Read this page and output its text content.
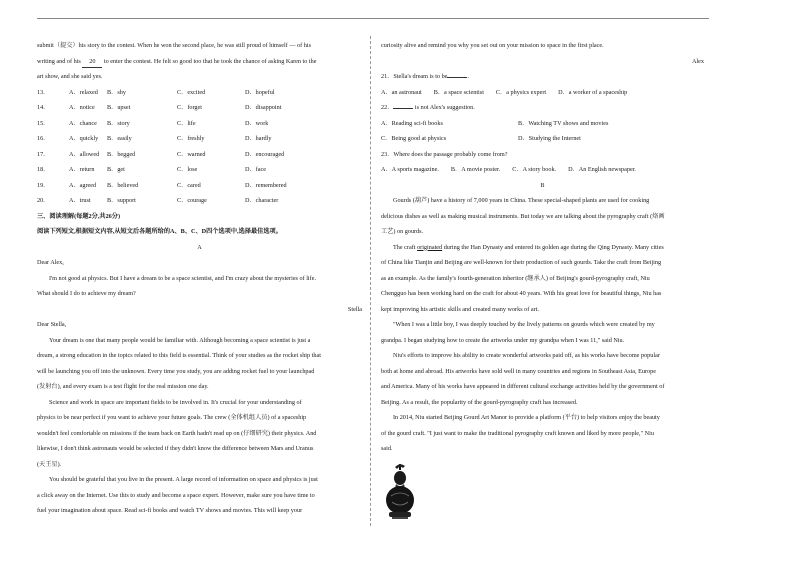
submit（提交）his story to the contest. When he won the second place, he was still proud of himself — of his
writing and of his 20 to enter the contest. He felt so good too that he took the chance of asking Karen to the
art show, and she said yes.
13.	A．relaxed	B．shy	C．excited	D．hopeful
14.	A．notice	B．upset	C．forget	D．disappoint
15.	A．chance	B．story	C．life	D．work
16.	A．quickly	B．easily	C．freshly	D．hardly
17.	A．allowed	B．begged	C．warned	D．encouraged
18.	A．return	B．get	C．lose	D．face
19.	A．agreed	B．believed	C．cared	D．remembered
20.	A．trust	B．support	C．courage	D．character
三、阅读理解(每题2分,共26分)
阅读下列短文,根据短文内容,从短文后各题所给的A、B、C、D四个选项中,选择最佳选项。
A
Dear Alex,
I'm not good at physics. But I have a dream to be a space scientist, and I'm crazy about the mysteries of life.
What should I do to achieve my dream?
Stella
Dear Stella,
Your dream is one that many people would be familiar with. Although becoming a space scientist is just a
dream, a strong education in the topics related to this field is essential. Think of your studies as the rocket ship that
will be launching you off into the unknown. Every time you study, you are adding rocket fuel to your launchpad
(发射台), and every exam is a test flight for the real mission one day.
Science and work in space are important fields to be involved in. It's crucial for your understanding of
physics to be near perfect if you want to achieve your future goals. The crew (全体机组人员) of a spaceship
wouldn't feel comfortable on missions if the team back on Earth hadn't read up on (仔细研究) their physics. And
likewise, I don't think astronauts would be selected if they didn't know the difference between Mars and Uranus
(天王星).
You should be grateful that you live in the present. A large record of information on space and physics is just
a click away on the Internet. Use this to study and become a space expert. However, make sure you have time to
fuel your imagination about space. Read sci-fi books and watch TV shows and movies. This will keep your
curiosity alive and remind you why you set out on your mission to space in the first place.
Alex
21．Stella's dream is to be	.
A．an astronaut B．a space scientist C．a physics expert D．a worker of a spaceship
22．	is not Alex's suggestion.
A．Reading sci-fi books	B．Watching TV shows and movies
C．Being good at physics	D．Studying the Internet
23．Where does the passage probably come from?
A．A sports magazine. B．A movie poster. C．A story book. D．An English newspaper.
B
Gourds (葫芦) have a history of 7,000 years in China. These special-shaped plants are used for cooking
delicious dishes as well as making musical instruments. But today we are talking about the pyrography craft (烙画
工艺) on gourds.
The craft originated during the Han Dynasty and entered its golden age during the Qing Dynasty. Many cities
of China like Tianjin and Beijing are well-known for their production of such gourds. Take the craft from Beijing
as an example. As the family's fourth-generation inheritor (继承人) of Beijing's gourd-pyrography craft, Niu
Chengguo has been working hard on the craft for about 40 years. With his great love for beautiful things, Niu has
kept improving his artistic skills and created many works of art.
"When I was a little boy, I was deeply touched by the lively patterns on gourds which were created by my
grandpa. I began studying how to create the artworks under my grandpa when I was 11," said Niu.
Niu's efforts to improve his ability to create wonderful artworks paid off, as his works have become popular
both at home and abroad. His artworks have sold well in many countries and regions in Southeast Asia, Europe
and America. Many of his works have appeared in different cultural exchange activities held by the government of
Beijing. As a result, the popularity of the gourd-pyrography craft has increased.
In 2014, Niu started Beijing Gourd Art Manor to provide a platform (平台) to help visitors enjoy the beauty
of the gourd craft. "I just want to make the traditional pyrography craft known and liked by more people," Niu
said.
